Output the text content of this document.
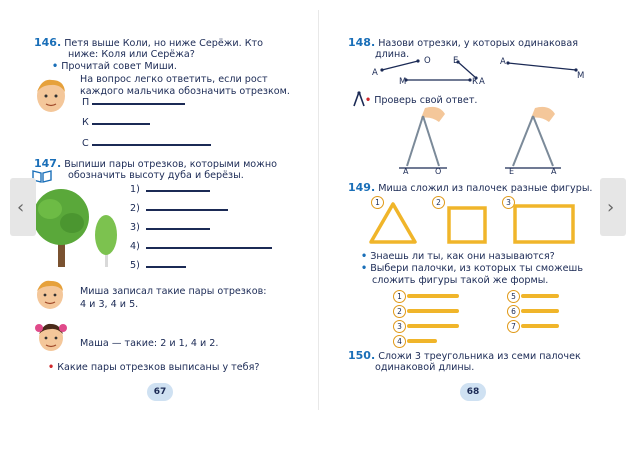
146. Петя выше Коли, но ниже Серёжи. Кто
ниже: Коля или Серёжа?
• Прочитай совет Миши.
На вопрос легко ответить, если рост
каждого мальчика обозначить отрезком.
П
К
С
147. Выпиши пары отрезков, которыми можно
обозначить высоту дуба и берёзы.
1)
2)
3)
4)
5)
Миша записал такие пары отрезков:
4 и 3, 4 и 5.
Маша — такие: 2 и 1, 4 и 2.
• Какие пары отрезков выписаны у тебя?
67
148. Назови отрезки, у которых одинаковая
длина.
О	Е	А
А
М	К А
М
• Проверь свой ответ.
А	О	Е	А
149. Миша сложил из палочек разные фигуры.
1	2	3
• Знаешь ли ты, как они называются?
• Выбери палочки, из которых ты сможешь
сложить фигуры такой же формы.
1
2
3
4
5
6
7
150. Сложи 3 треугольника из семи палочек
одинаковой длины.
68
‹	›
